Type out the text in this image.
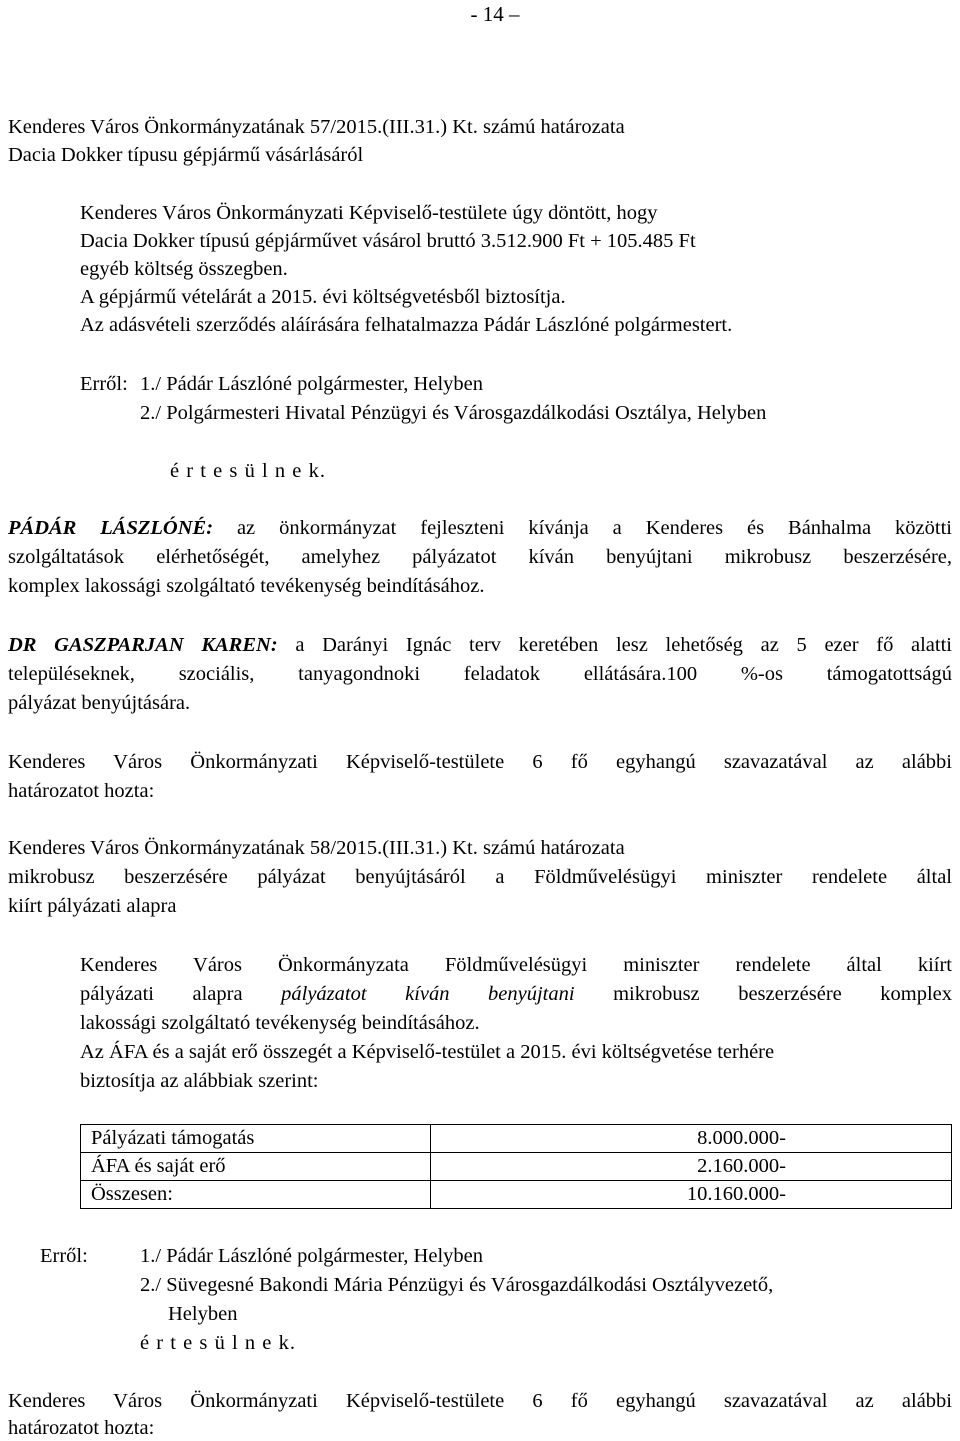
- 14 –
Kenderes Város Önkormányzatának 57/2015.(III.31.) Kt. számú határozata
Dacia Dokker típusu gépjármű vásárlásáról
Kenderes Város Önkormányzati Képviselő-testülete úgy döntött, hogy
Dacia Dokker típusú gépjárművet vásárol bruttó 3.512.900 Ft + 105.485 Ft
egyéb költség összegben.
A gépjármű vételárát a 2015. évi költségvetésből biztosítja.
Az adásvételi szerződés aláírására felhatalmazza Pádár Lászlóné polgármestert.
Erről: 1./ Pádár Lászlóné polgármester, Helyben
2./ Polgármesteri Hivatal Pénzügyi és Városgazdálkodási Osztálya, Helyben
é r t e s ü l n e k.
PÁDÁR LÁSZLÓNÉ: az önkormányzat fejleszteni kívánja a Kenderes és Bánhalma közötti
szolgáltatások elérhetőségét, amelyhez pályázatot kíván benyújtani mikrobusz beszerzésére,
komplex lakossági szolgáltató tevékenység beindításához.
DR GASZPARJAN KAREN: a Darányi Ignác terv keretében lesz lehetőség az 5 ezer fő alatti
településeknek, szociális, tanyagondnoki feladatok ellátására.100 %-os támogatottságú
pályázat benyújtására.
Kenderes Város Önkormányzati Képviselő-testülete 6 fő egyhangú szavazatával az alábbi
határozatot hozta:
Kenderes Város Önkormányzatának 58/2015.(III.31.) Kt. számú határozata
mikrobusz beszerzésére pályázat benyújtásáról a Földművelésügyi miniszter rendelete által
kiírt pályázati alapra
Kenderes Város Önkormányzata Földművelésügyi miniszter rendelete által kiírt
pályázati alapra pályázatot kíván benyújtani mikrobusz beszerzésére komplex
lakossági szolgáltató tevékenység beindításához.
Az ÁFA és a saját erő összegét a Képviselő-testület a 2015. évi költségvetése terhére
biztosítja az alábbiak szerint:
Pályázati támogatás	8.000.000-
ÁFA és saját erő	2.160.000-
Összesen:	10.160.000-
Erről:	1./ Pádár Lászlóné polgármester, Helyben
2./ Süvegesné Bakondi Mária Pénzügyi és Városgazdálkodási Osztályvezető,
Helyben
é r t e s ü l n e k.
Kenderes Város Önkormányzati Képviselő-testülete 6 fő egyhangú szavazatával az alábbi
határozatot hozta:
